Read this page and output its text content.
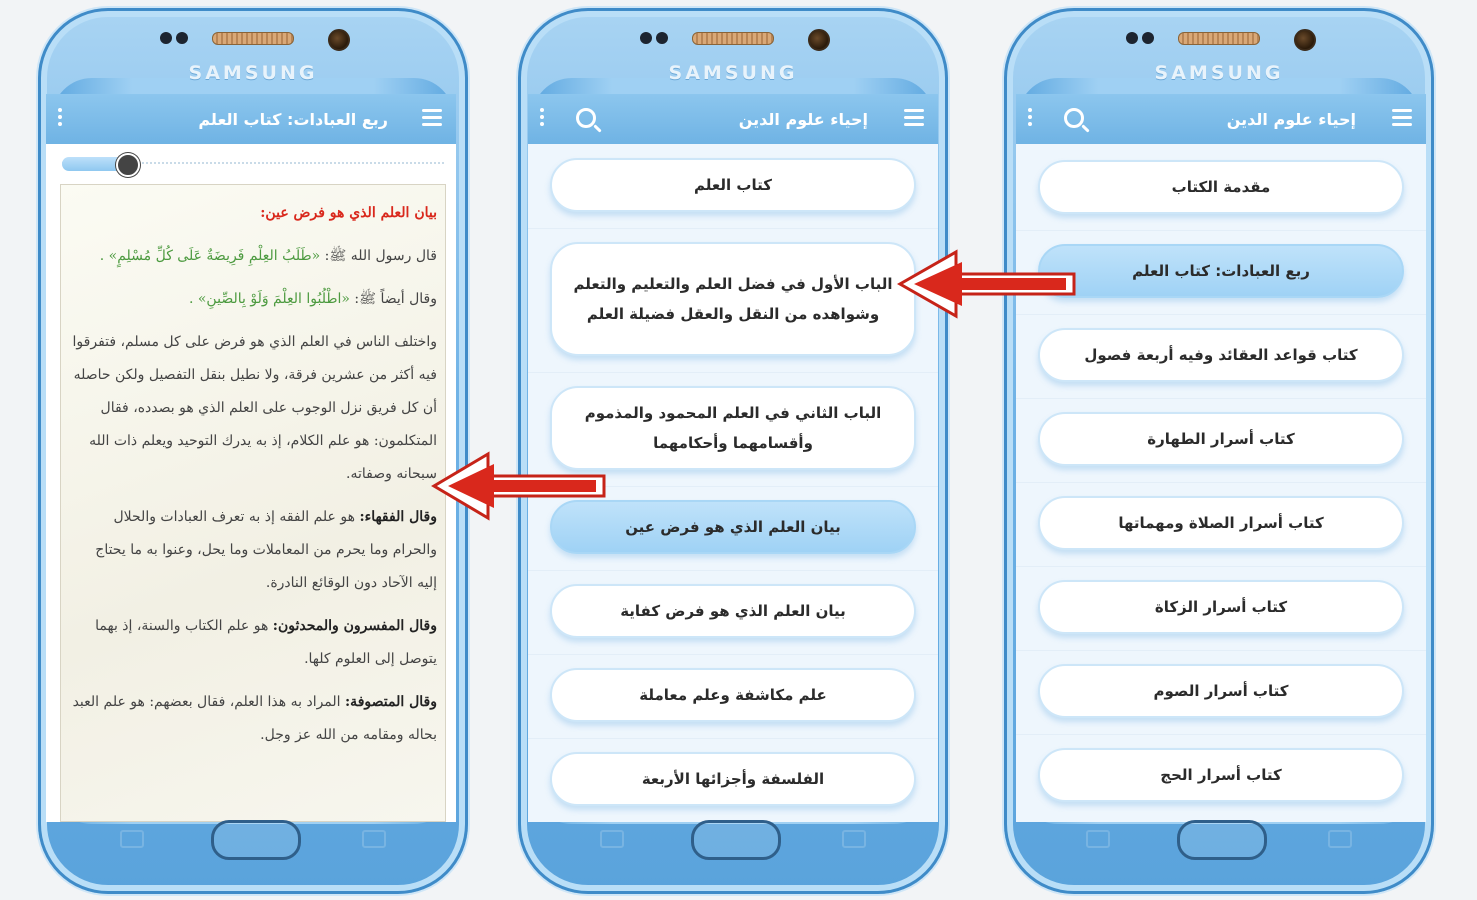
SAMSUNG
ربع العبادات: كتاب العلم

بيان العلم الذي هو فرض عين:

قال رسول الله ﷺ: «طَلَبُ العِلْمِ فَرِيضَةٌ عَلَى كُلِّ مُسْلِمٍ» .

وقال أيضاً ﷺ: «اطْلُبُوا العِلْمَ وَلَوْ بِالصِّينِ» .

واختلف الناس في العلم الذي هو فرض على كل مسلم، فتفرقوا فيه أكثر من عشرين فرقة، ولا نطيل بنقل التفصيل ولكن حاصله أن كل فريق نزل الوجوب على العلم الذي هو بصدده، فقال المتكلمون: هو علم الكلام، إذ به يدرك التوحيد ويعلم ذات الله سبحانه وصفاته.

وقال الفقهاء: هو علم الفقه إذ به تعرف العبادات والحلال والحرام وما يحرم من المعاملات وما يحل، وعنوا به ما يحتاج إليه الآحاد دون الوقائع النادرة.

وقال المفسرون والمحدثون: هو علم الكتاب والسنة، إذ بهما يتوصل إلى العلوم كلها.

وقال المتصوفة: المراد به هذا العلم، فقال بعضهم: هو علم العبد بحاله ومقامه من الله عز وجل.

SAMSUNG
إحياء علوم الدين
كتاب العلم
الباب الأول في فضل العلم والتعليم والتعلم وشواهده من النقل والعقل فضيلة العلم
الباب الثاني في العلم المحمود والمذموم وأقسامهما وأحكامهما
بيان العلم الذي هو فرض عين
بيان العلم الذي هو فرض كفاية
علم مكاشفة وعلم معاملة
الفلسفة وأجزائها الأربعة
SAMSUNG
إحياء علوم الدين
مقدمة الكتاب
ربع العبادات: كتاب العلم
كتاب قواعد العقائد وفيه أربعة فصول
كتاب أسرار الطهارة
كتاب أسرار الصلاة ومهماتها
كتاب أسرار الزكاة
كتاب أسرار الصوم
كتاب أسرار الحج
